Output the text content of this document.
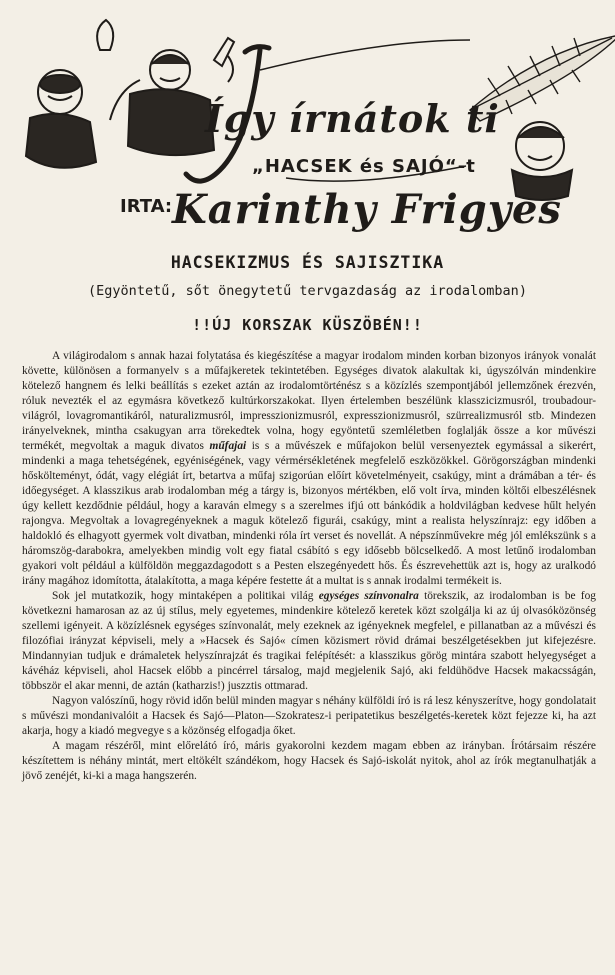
Így írnátok ti
„HACSEK és SAJÓ“-t
IRTA: Karinthy Frigyes
HACSEKIZMUS ÉS SAJISZTIKA
(Egyöntetű, sőt önegytetű tervgazdaság az irodalomban)
!!ÚJ KORSZAK KÜSZÖBÉN!!

A világirodalom s annak hazai folytatása és kiegészítése a magyar irodalom minden korban bizonyos irányok vonalát követte, különösen a formanyelv s a műfajkeretek tekintetében. Egységes divatok alakultak ki, úgyszólván mindenkire kötelező hangnem és lelki beállítás s ezeket aztán az irodalomtörténész s a közízlés szempontjából jellemzőnek érezvén, róluk nevezték el az egymásra következő kultúrkorszakokat. Ilyen értelemben beszélünk klasszicizmusról, troubadour-világról, lovagromantikáról, naturalizmusról, impresszionizmusról, expresszionizmusról, szürrealizmusról stb. Mindezen irányelveknek, mintha csakugyan arra törekedtek volna, hogy egyöntetű szemléletben foglalják össze a kor művészi termékét, megvoltak a maguk divatos műfajai is s a művészek e műfajokon belül versenyeztek egymással a sikerért, mindenki a maga tehetségének, egyéniségének, vagy vérmérsékletének megfelelő eszközökkel. Görögországban mindenki hőskölteményt, ódát, vagy elégiát írt, betartva a műfaj szigorúan előírt követelményeit, csakúgy, mint a drámában a tér- és időegységet. A klasszikus arab irodalomban még a tárgy is, bizonyos mértékben, elő volt írva, minden költői elbeszélésnek úgy kellett kezdődnie például, hogy a karaván elmegy s a szerelmes ifjú ott bánkódik a holdvilágban kedvese hűlt helyén rajongva. Megvoltak a lovagregényeknek a maguk kötelező figurái, csakúgy, mint a realista helyszínrajz: egy időben a haldokló és elhagyott gyermek volt divatban, mindenki róla írt verset és novellát. A népszínművekre még jól emlékszünk s a háromszög-darabokra, amelyekben mindig volt egy fiatal csábító s egy idősebb bölcselkedő. A most letűnő irodalomban gyakori volt például a külföldön meggazdagodott s a Pesten elszegényedett hős. És észrevehettük azt is, hogy az uralkodó irány magához idomította, átalakította, a maga képére festette át a multat is s annak irodalmi termékeit is.

Sok jel mutatkozik, hogy mintaképen a politikai világ egységes színvonalra törekszik, az irodalomban is be fog következni hamarosan az az új stílus, mely egyetemes, mindenkire kötelező keretek közt szolgálja ki az új olvasóközönség szellemi igényeit. A közízlésnek egységes színvonalát, mely ezeknek az igényeknek megfelel, e pillanatban az a művészi és filozófiai irányzat képviseli, mely a »Hacsek és Sajó« címen közismert rövid drámai beszélgetésekben jut kifejezésre. Mindannyian tudjuk e drámaletek helyszínrajzát és tragikai felépítését: a klasszikus görög mintára szabott helyegységet a kávéház képviseli, ahol Hacsek előbb a pincérrel társalog, majd megjelenik Sajó, aki feldühödve Hacsek makacsságán, többször el akar menni, de aztán (katharzis!) juszztis ottmarad.

Nagyon valószínű, hogy rövid időn belül minden magyar s néhány külföldi író is rá lesz kényszerítve, hogy gondolatait s művészi mondanivalóit a Hacsek és Sajó—Platon—Szokratesz-i peripatetikus beszélgetés-keretek közt fejezze ki, ha azt akarja, hogy a kiadó megvegye s a közönség elfogadja őket.

A magam részéről, mint előrelátó író, máris gyakorolni kezdem magam ebben az irányban. Írótársaim részére készítettem is néhány mintát, mert eltökélt szándékom, hogy Hacsek és Sajó-iskolát nyitok, ahol az írók megtanulhatják a jövő zenéjét, ki-ki a maga hangszerén.
